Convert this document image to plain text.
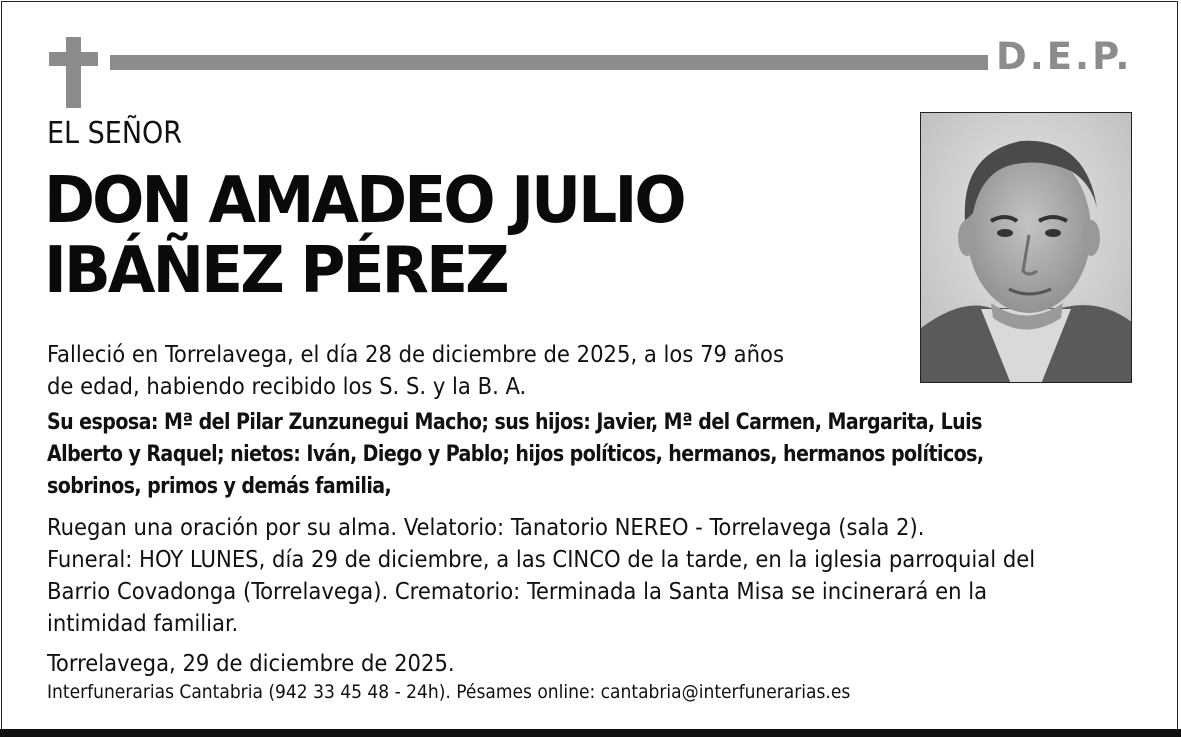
D.E.P.
EL SEÑOR
DON AMADEO JULIO
IBÁÑEZ PÉREZ
Falleció en Torrelavega, el día 28 de diciembre de 2025, a los 79 años
de edad, habiendo recibido los S. S. y la B. A.
Su esposa: Mª del Pilar Zunzunegui Macho; sus hijos: Javier, Mª del Carmen, Margarita, Luis
Alberto y Raquel; nietos: Iván, Diego y Pablo; hijos políticos, hermanos, hermanos políticos,
sobrinos, primos y demás familia,
Ruegan una oración por su alma. Velatorio: Tanatorio NEREO - Torrelavega (sala 2).
Funeral: HOY LUNES, día 29 de diciembre, a las CINCO de la tarde, en la iglesia parroquial del
Barrio Covadonga (Torrelavega). Crematorio: Terminada la Santa Misa se incinerará en la
intimidad familiar.
Torrelavega, 29 de diciembre de 2025.
Interfunerarias Cantabria (942 33 45 48 - 24h). Pésames online: cantabria@interfunerarias.es
